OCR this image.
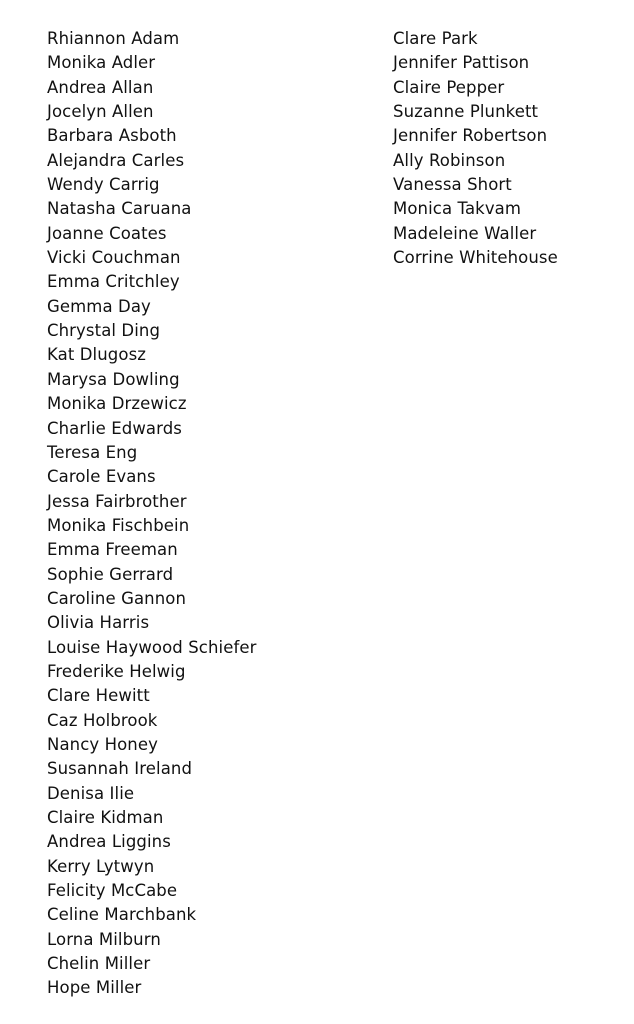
Rhiannon Adam
Monika Adler
Andrea Allan
Jocelyn Allen
Barbara Asboth
Alejandra Carles
Wendy Carrig
Natasha Caruana
Joanne Coates
Vicki Couchman
Emma Critchley
Gemma Day
Chrystal Ding
Kat Dlugosz
Marysa Dowling
Monika Drzewicz
Charlie Edwards
Teresa Eng
Carole Evans
Jessa Fairbrother
Monika Fischbein
Emma Freeman
Sophie Gerrard
Caroline Gannon
Olivia Harris
Louise Haywood Schiefer
Frederike Helwig
Clare Hewitt
Caz Holbrook
Nancy Honey
Susannah Ireland
Denisa Ilie
Claire Kidman
Andrea Liggins
Kerry Lytwyn
Felicity McCabe
Celine Marchbank
Lorna Milburn
Chelin Miller
Hope Miller
Clare Park
Jennifer Pattison
Claire Pepper
Suzanne Plunkett
Jennifer Robertson
Ally Robinson
Vanessa Short
Monica Takvam
Madeleine Waller
Corrine Whitehouse
